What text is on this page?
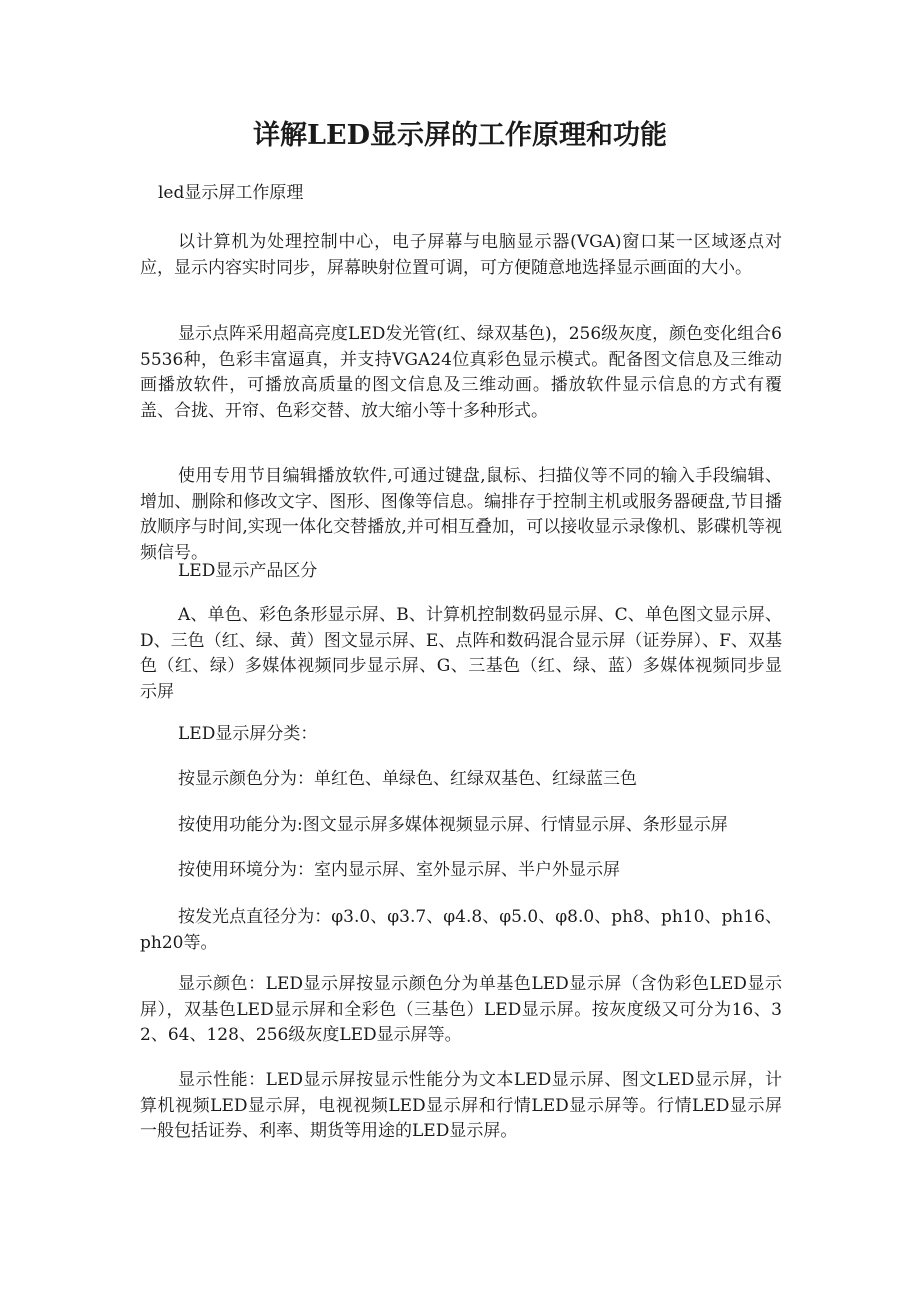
详解LED显示屏的工作原理和功能

led显示屏工作原理

以计算机为处理控制中心，电子屏幕与电脑显示器(VGA)窗口某一区域逐点对应，显示内容实时同步，屏幕映射位置可调，可方便随意地选择显示画面的大小。

显示点阵采用超高亮度LED发光管(红、绿双基色)，256级灰度，颜色变化组合65536种，色彩丰富逼真，并支持VGA24位真彩色显示模式。配备图文信息及三维动画播放软件，可播放高质量的图文信息及三维动画。播放软件显示信息的方式有覆盖、合拢、开帘、色彩交替、放大缩小等十多种形式。

使用专用节目编辑播放软件,可通过键盘,鼠标、扫描仪等不同的输入手段编辑、增加、删除和修改文字、图形、图像等信息。编排存于控制主机或服务器硬盘,节目播放顺序与时间,实现一体化交替播放,并可相互叠加，可以接收显示录像机、影碟机等视频信号。

LED显示产品区分

A、单色、彩色条形显示屏、B、计算机控制数码显示屏、C、单色图文显示屏、D、三色（红、绿、黄）图文显示屏、E、点阵和数码混合显示屏（证券屏）、F、双基色（红、绿）多媒体视频同步显示屏、G、三基色（红、绿、蓝）多媒体视频同步显示屏

LED显示屏分类：

按显示颜色分为：单红色、单绿色、红绿双基色、红绿蓝三色

按使用功能分为:图文显示屏多媒体视频显示屏、行情显示屏、条形显示屏

按使用环境分为：室内显示屏、室外显示屏、半户外显示屏

按发光点直径分为：φ3.0、φ3.7、φ4.8、φ5.0、φ8.0、ph8、ph10、ph16、ph20等。

显示颜色：LED显示屏按显示颜色分为单基色LED显示屏（含伪彩色LED显示屏），双基色LED显示屏和全彩色（三基色）LED显示屏。按灰度级又可分为16、32、64、128、256级灰度LED显示屏等。

显示性能：LED显示屏按显示性能分为文本LED显示屏、图文LED显示屏，计算机视频LED显示屏，电视视频LED显示屏和行情LED显示屏等。行情LED显示屏一般包括证券、利率、期货等用途的LED显示屏。
